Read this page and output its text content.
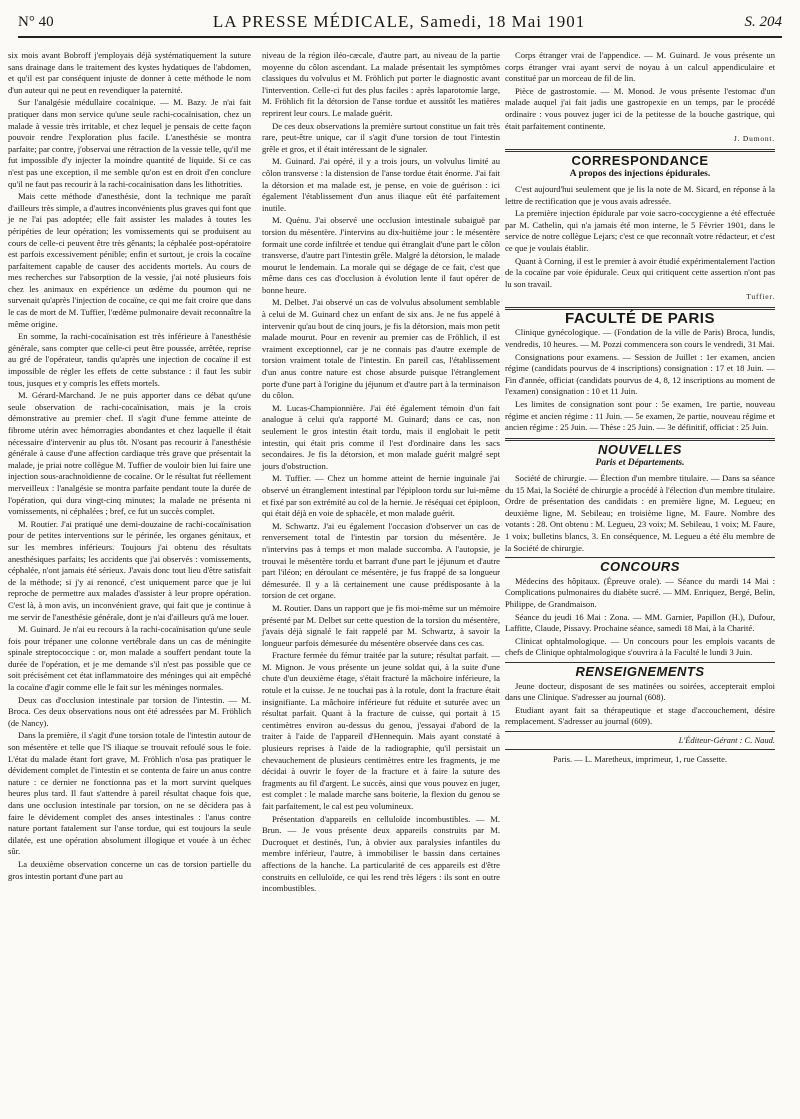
N° 40	LA PRESSE MÉDICALE, Samedi, 18 Mai 1901	S. 204

six mois avant Bobroff j'employais déjà systématiquement la suture sans drainage dans le traitement des kystes hydatiques de l'abdomen, et qu'il est par conséquent injuste de donner à cette méthode le nom d'un auteur qui ne peut en revendiquer la paternité.

Sur l'analgésie médullaire cocaïnique. — M. Bazy. Je n'ai fait pratiquer dans mon service qu'une seule rachi-cocaïnisation, chez un malade à vessie très irritable, et chez lequel je pensais de cette façon pouvoir rendre l'exploration plus facile. L'anesthésie se montra parfaite; par contre, j'observai une rétraction de la vessie telle, qu'il me fut impossible d'y injecter la moindre quantité de liquide. Si ce cas n'est pas une exception, il me semble qu'on est en droit d'en conclure qu'il ne faut pas recourir à la rachi-cocaïnisation dans les lithotrities.

Mais cette méthode d'anesthésie, dont la technique me paraît d'ailleurs très simple, a d'autres inconvénients plus graves qui font que je ne l'ai pas adoptée; elle fait assister les malades à toutes les péripéties de leur opération; les vomissements qui se produisent au cours de celle-ci peuvent être très gênants; la céphalée post-opératoire est parfois excessivement pénible; enfin et surtout, je crois la cocaïne parfaitement capable de causer des accidents mortels. Au cours de mes recherches sur l'absorption de la vessie, j'ai noté plusieurs fois chez les animaux en expérience un œdème du poumon qui ne survenait qu'après l'injection de cocaïne, ce qui me fait croire que dans le cas de mort de M. Tuffier, l'œdème pulmonaire devait reconnaître la même origine.

En somme, la rachi-cocaïnisation est très inférieure à l'anesthésie générale, sans compter que celle-ci peut être poussée, arrêtée, reprise au gré de l'opérateur, tandis qu'après une injection de cocaïne il est impossible de régler les effets de cette substance : il faut les subir tous, jusques et y compris les effets mortels.

M. Gérard-Marchand. Je ne puis apporter dans ce débat qu'une seule observation de rachi-cocaïnisation, mais je la crois démonstrative au premier chef. Il s'agit d'une femme atteinte de fibrome utérin avec hémorragies abondantes et chez laquelle il était nécessaire d'intervenir au plus tôt. N'osant pas recourir à l'anesthésie générale à cause d'une affection cardiaque très grave que présentait la malade, je priai notre collègue M. Tuffier de vouloir bien lui faire une injection sous-arachnoïdienne de cocaïne. Or le résultat fut réellement merveilleux : l'analgésie se montra parfaite pendant toute la durée de l'opération, qui dura vingt-cinq minutes; la malade ne présenta ni vomissements, ni céphalées ; bref, ce fut un succès complet.

M. Routier. J'ai pratiqué une demi-douzaine de rachi-cocaïnisation pour de petites interventions sur le périnée, les organes génitaux, et sur les membres inférieurs. Toujours j'ai obtenu des résultats anesthésiques parfaits; les accidents que j'ai observés : vomissements, céphalée, n'ont jamais été sérieux. J'avais donc tout lieu d'être satisfait de la méthode; si j'y ai renoncé, c'est uniquement parce que je lui reproche de permettre aux malades d'assister à leur propre opération. C'est là, à mon avis, un inconvénient grave, qui fait que je continue à me servir de l'anesthésie générale, dont je n'ai d'ailleurs qu'à me louer.

M. Guinard. Je n'ai eu recours à la rachi-cocaïnisation qu'une seule fois pour trépaner une colonne vertébrale dans un cas de méningite spinale streptococcique : or, mon malade a souffert pendant toute la durée de l'opération, et je me demande s'il n'est pas possible que ce soit précisément cet état inflammatoire des méninges qui ait empêché la cocaïne d'agir comme elle le fait sur les méninges normales.

Deux cas d'occlusion intestinale par torsion de l'intestin. — M. Broca. Ces deux observations nous ont été adressées par M. Fröhlich (de Nancy).

Dans la première, il s'agit d'une torsion totale de l'intestin autour de son mésentère et telle que l'S iliaque se trouvait refoulé sous le foie. L'état du malade étant fort grave, M. Fröhlich n'osa pas pratiquer le dévidement complet de l'intestin et se contenta de faire un anus contre nature : ce dernier ne fonctionna pas et la mort survint quelques heures plus tard. Il faut s'attendre à pareil résultat chaque fois que, dans une occlusion intestinale par torsion, on ne se décidera pas à faire le dévidement complet des anses intestinales : l'anus contre nature portant fatalement sur l'anse tordue, qui est toujours la seule dilatée, est une opération absolument illogique et vouée à un échec sûr.

La deuxième observation concerne un cas de torsion partielle du gros intestin portant d'une part au

niveau de la région iléo-cæcale, d'autre part, au niveau de la partie moyenne du côlon ascendant. La malade présentait les symptômes classiques du volvulus et M. Fröhlich put porter le diagnostic avant l'intervention. Celle-ci fut des plus faciles : après laparotomie large, M. Fröhlich fit la détorsion de l'anse tordue et aussitôt les matières reprirent leur cours. Le malade guérit.

De ces deux observations la première surtout constitue un fait très rare, peut-être unique, car il s'agit d'une torsion de tout l'intestin grêle et gros, et il était intéressant de le signaler.

M. Guinard. J'ai opéré, il y a trois jours, un volvulus limité au côlon transverse : la distension de l'anse tordue était énorme. J'ai fait la détorsion et ma malade est, je pense, en voie de guérison : ici également l'établissement d'un anus iliaque eût été parfaitement inutile.

M. Quénu. J'ai observé une occlusion intestinale subaiguë par torsion du mésentère. J'intervins au dix-huitième jour : le mésentère formait une corde infiltrée et tendue qui étranglait d'une part le côlon transverse, d'autre part l'intestin grêle. Malgré la détorsion, le malade mourut le lendemain. La morale qui se dégage de ce fait, c'est que même dans ces cas d'occlusion à évolution lente il faut opérer de bonne heure.

M. Delbet. J'ai observé un cas de volvulus absolument semblable à celui de M. Guinard chez un enfant de six ans. Je ne fus appelé à intervenir qu'au bout de cinq jours, je fis la détorsion, mais mon petit malade mourut. Pour en revenir au premier cas de Fröhlich, il est vraiment exceptionnel, car je ne connais pas d'autre exemple de torsion vraiment totale de l'intestin. En pareil cas, l'établissement d'un anus contre nature est chose absurde puisque l'étranglement porte d'une part à l'origine du jéjunum et d'autre part à la terminaison du côlon.

M. Lucas-Championnière. J'ai été également témoin d'un fait analogue à celui qu'a rapporté M. Guinard; dans ce cas, non seulement le gros intestin était tordu, mais il englobait le petit intestin, qui était pris comme il l'est d'ordinaire dans les sacs secondaires. Je fis la détorsion, et mon malade guérit malgré sept jours d'obstruction.

M. Tuffier. — Chez un homme atteint de hernie inguinale j'ai observé un étranglement intestinal par l'épiploon tordu sur lui-même et fixé par son extrémité au col de la hernie. Je réséquai cet épiploon, qui était déjà en voie de sphacèle, et mon malade guérit.

M. Schwartz. J'ai eu également l'occasion d'observer un cas de renversement total de l'intestin par torsion du mésentère. Je n'intervins pas à temps et mon malade succomba. A l'autopsie, je trouvai le mésentère tordu et barrant d'une part le jéjunum et d'autre part l'iléon; en déroulant ce mésentère, je fus frappé de sa longueur démesurée. Il y a là certainement une cause prédisposante à la torsion de cet organe.

M. Routier. Dans un rapport que je fis moi-même sur un mémoire présenté par M. Delbet sur cette question de la torsion du mésentère, j'avais déjà signalé le fait rappelé par M. Schwartz, à savoir la longueur parfois démesurée du mésentère observée dans ces cas.

Fracture fermée du fémur traitée par la suture; résultat parfait. — M. Mignon. Je vous présente un jeune soldat qui, à la suite d'une chute d'un deuxième étage, s'était fracturé la mâchoire inférieure, la rotule et la cuisse. Je ne touchai pas à la rotule, dont la fracture était insignifiante. La mâchoire inférieure fut réduite et suturée avec un résultat parfait. Quant à la fracture de cuisse, qui portait à 15 centimètres environ au-dessus du genou, j'essayai d'abord de la traiter à l'aide de l'appareil d'Hennequin. Mais ayant constaté à plusieurs reprises à l'aide de la radiographie, qu'il persistait un chevauchement de plusieurs centimètres entre les fragments, je me décidai à ouvrir le foyer de la fracture et à faire la suture des fragments au fil d'argent. Le succès, ainsi que vous pouvez en juger, est complet : le malade marche sans boiterie, la flexion du genou se fait parfaitement, le cal est peu volumineux.

Présentation d'appareils en celluloïde incombustibles. — M. Brun. — Je vous présente deux appareils construits par M. Ducroquet et destinés, l'un, à obvier aux paralysies infantiles du membre inférieur, l'autre, à immobiliser le bassin dans certaines affections de la hanche. La particularité de ces appareils est d'être construits en celluloïde, ce qui les rend très légers : ils sont en outre incombustibles.

Corps étranger vrai de l'appendice. — M. Guinard. Je vous présente un corps étranger vrai ayant servi de noyau à un calcul appendiculaire et constitué par un morceau de fil de lin.

Pièce de gastrostomie. — M. Monod. Je vous présente l'estomac d'un malade auquel j'ai fait jadis une gastropexie en un temps, par le procédé ordinaire : vous pouvez juger ici de la petitesse de la bouche gastrique, qui était parfaitement continente.

J. Dumont.
CORRESPONDANCE
A propos des injections épidurales.

C'est aujourd'hui seulement que je lis la note de M. Sicard, en réponse à la lettre de rectification que je vous avais adressée.

La première injection épidurale par voie sacro-coccygienne a été effectuée par M. Cathelin, qui n'a jamais été mon interne, le 5 Février 1901, dans le service de notre collègue Lejars; c'est ce que reconnaît votre rédacteur, et c'est ce que je voulais établir.

Quant à Corning, il est le premier à avoir étudié expérimentalement l'action de la cocaïne par voie épidurale. Ceux qui critiquent cette assertion n'ont pas lu son travail.

Tuffier.
FACULTÉ DE PARIS

Clinique gynécologique. — (Fondation de la ville de Paris) Broca, lundis, vendredis, 10 heures. — M. Pozzi commencera son cours le vendredi, 31 Mai.

Consignations pour examens. — Session de Juillet : 1er examen, ancien régime (candidats pourvus de 4 inscriptions) consignation : 17 et 18 Juin. — Fin d'année, officiat (candidats pourvus de 4, 8, 12 inscriptions au moment de l'examen) consignation : 10 et 11 Juin.

Les limites de consignation sont pour : 5e examen, 1re partie, nouveau régime et ancien régime : 11 Juin. — 5e examen, 2e partie, nouveau régime et ancien régime : 25 Juin. — Thèse : 25 Juin. — 3e définitif, officiat : 25 Juin.

NOUVELLES
Paris et Départements.

Société de chirurgie. — Élection d'un membre titulaire. — Dans sa séance du 15 Mai, la Société de chirurgie a procédé à l'élection d'un membre titulaire. Ordre de présentation des candidats : en première ligne, M. Legueu; en deuxième ligne, M. Sebileau; en troisième ligne, M. Faure. Nombre des votants : 28. Ont obtenu : M. Legueu, 23 voix; M. Sebileau, 1 voix; M. Faure, 1 voix; bulletins blancs, 3. En conséquence, M. Legueu a été élu membre de la Société de chirurgie.

CONCOURS

Médecins des hôpitaux. (Épreuve orale). — Séance du mardi 14 Mai : Complications pulmonaires du diabète sucré. — MM. Enriquez, Bergé, Belin, Philippe, de Grandmaison.

Séance du jeudi 16 Mai : Zona. — MM. Garnier, Papillon (H.), Dufour, Laffitte, Claude, Pissavy. Prochaine séance, samedi 18 Mai, à la Charité.

Clinicat ophtalmologique. — Un concours pour les emplois vacants de chefs de Clinique ophtalmologique s'ouvrira à la Faculté le lundi 3 Juin.

RENSEIGNEMENTS

Jeune docteur, disposant de ses matinées ou soirées, accepterait emploi dans une Clinique. S'adresser au journal (608).

Etudiant ayant fait sa thérapeutique et stage d'accouchement, désire remplacement. S'adresser au journal (609).

L'Éditeur-Gérant : C. Naud.
Paris. — L. Maretheux, imprimeur, 1, rue Cassette.
